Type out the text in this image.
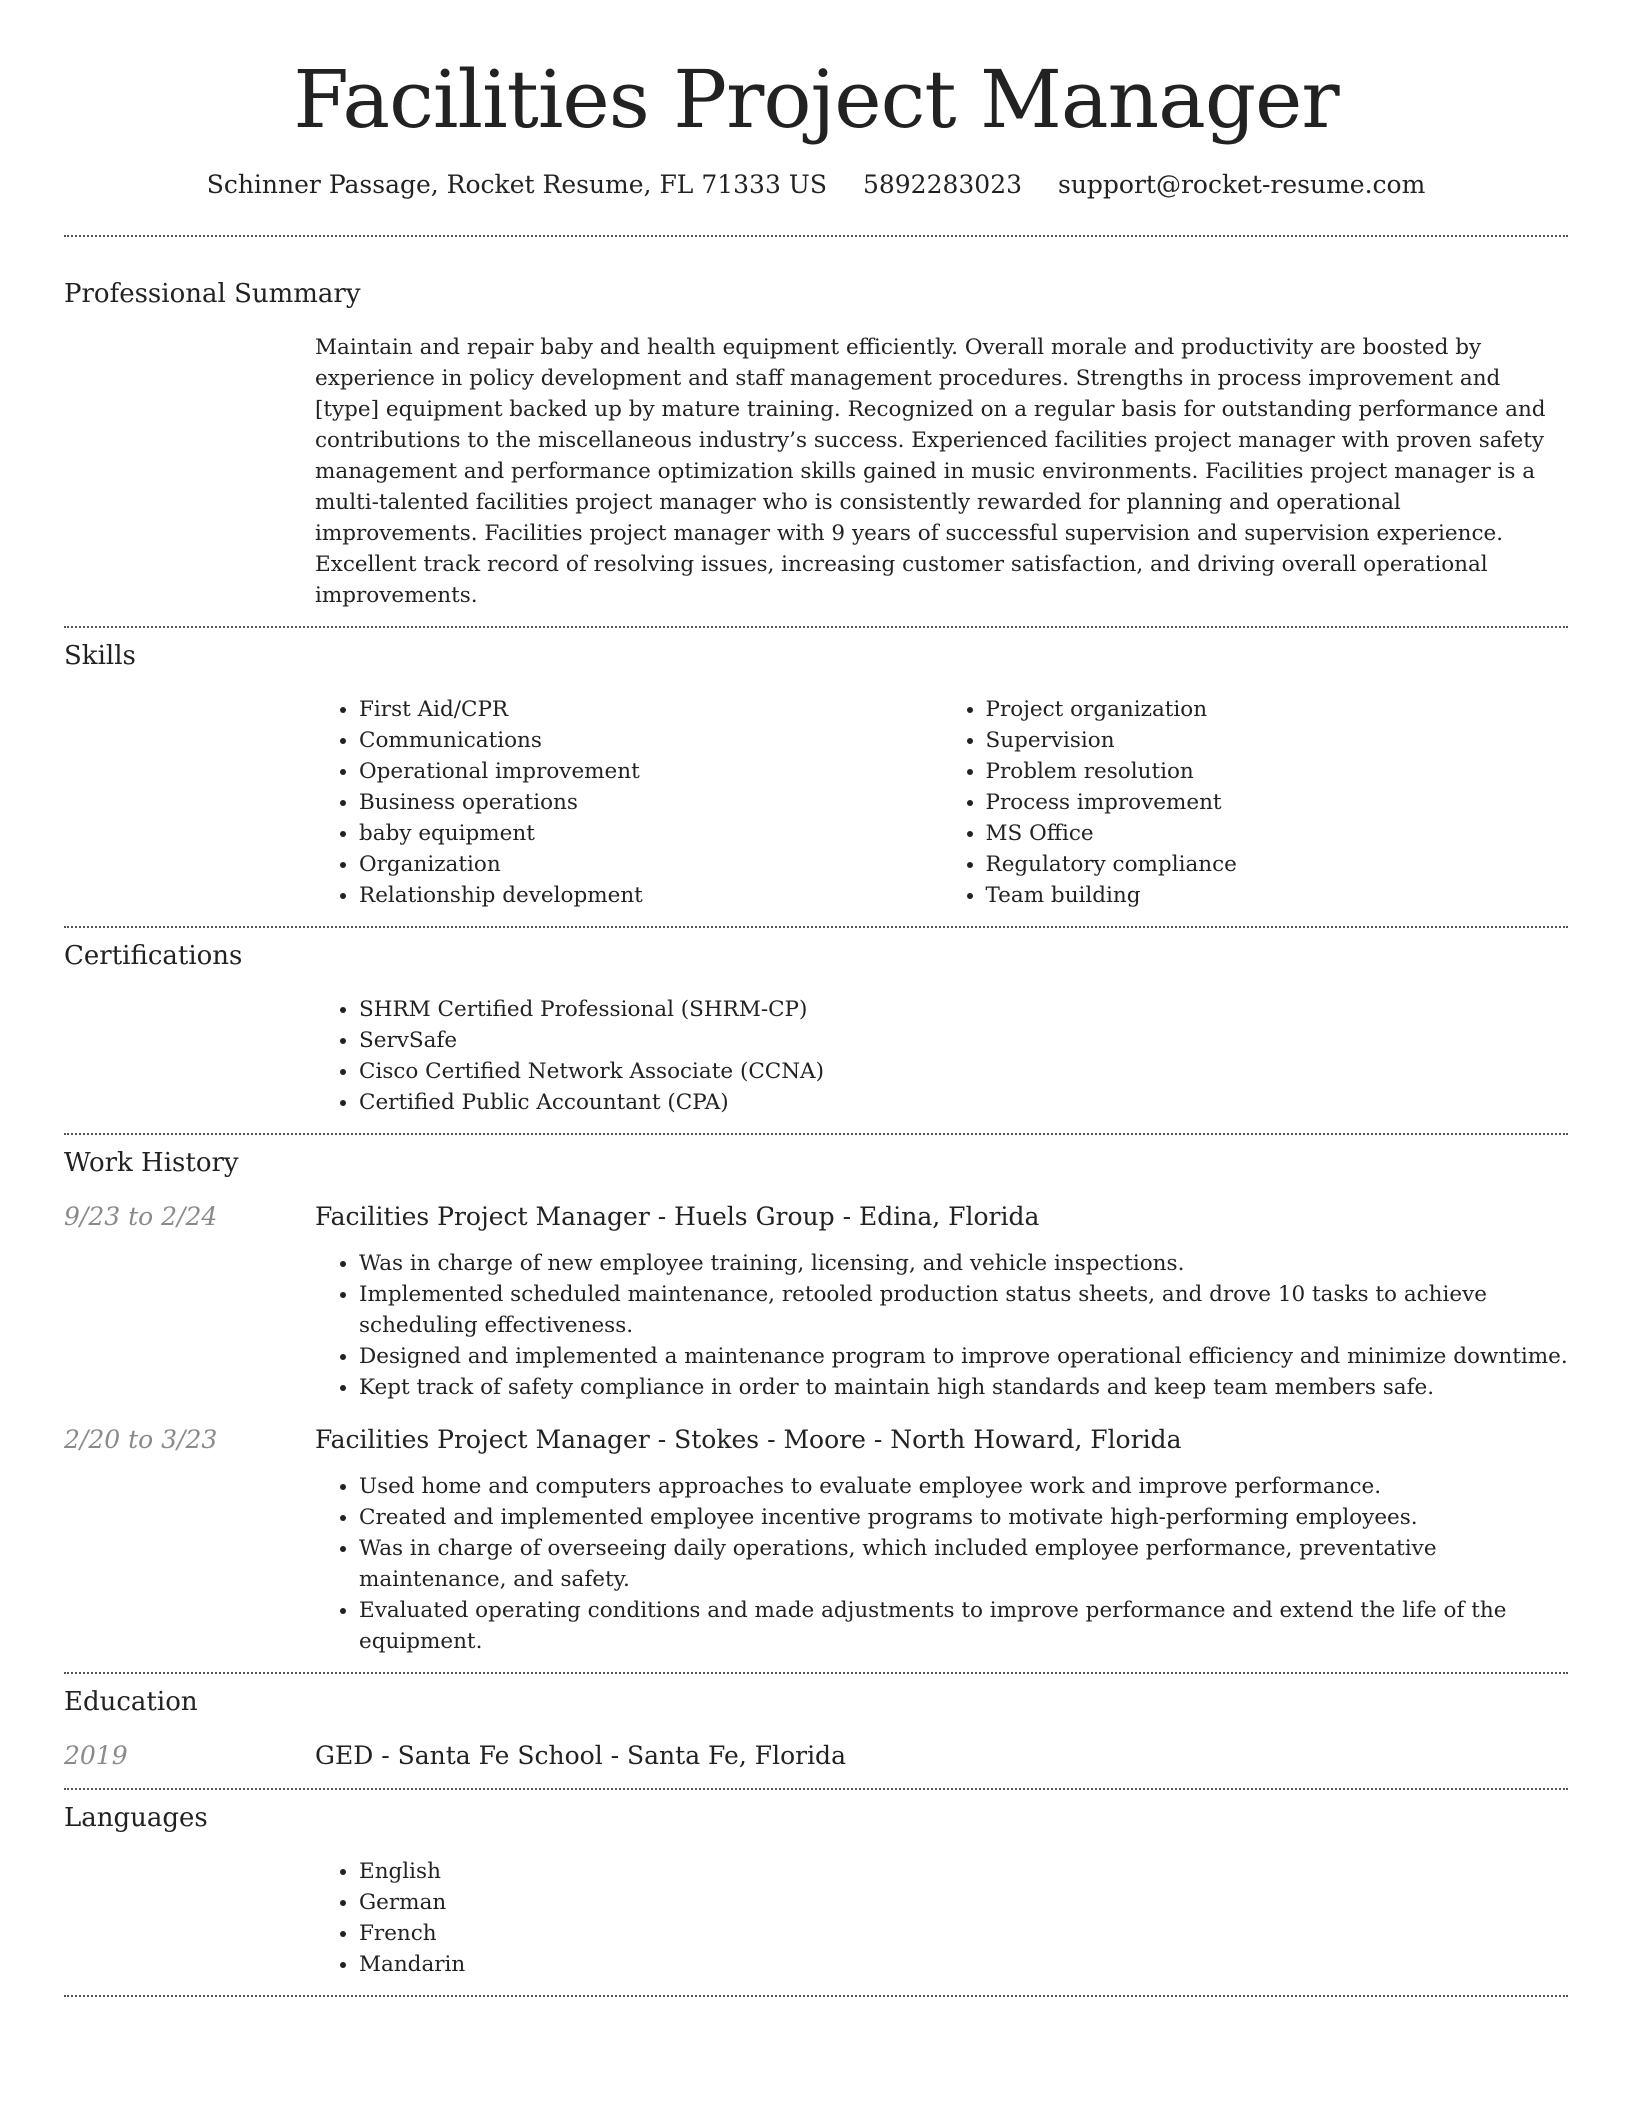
Facilities Project Manager
Schinner Passage, Rocket Resume, FL 71333 US 5892283023 support@rocket-resume.com
Professional Summary

Maintain and repair baby and health equipment efficiently. Overall morale and productivity are boosted by experience in policy development and staff management procedures. Strengths in process improvement and [type] equipment backed up by mature training. Recognized on a regular basis for outstanding performance and contributions to the miscellaneous industry’s success. Experienced facilities project manager with proven safety management and performance optimization skills gained in music environments. Facilities project manager is a multi-talented facilities project manager who is consistently rewarded for planning and operational improvements. Facilities project manager with 9 years of successful supervision and supervision experience. Excellent track record of resolving issues, increasing customer satisfaction, and driving overall operational improvements.

Skills
• First Aid/CPR
• Communications
• Operational improvement
• Business operations
• baby equipment
• Organization
• Relationship development
• Project organization
• Supervision
• Problem resolution
• Process improvement
• MS Office
• Regulatory compliance
• Team building
Certifications
• SHRM Certified Professional (SHRM-CP)
• ServSafe
• Cisco Certified Network Associate (CCNA)
• Certified Public Accountant (CPA)
Work History
9/23 to 2/24	Facilities Project Manager - Huels Group - Edina, Florida
• Was in charge of new employee training, licensing, and vehicle inspections.
• Implemented scheduled maintenance, retooled production status sheets, and drove 10 tasks to achieve scheduling effectiveness.
• Designed and implemented a maintenance program to improve operational efficiency and minimize downtime.
• Kept track of safety compliance in order to maintain high standards and keep team members safe.
2/20 to 3/23	Facilities Project Manager - Stokes - Moore - North Howard, Florida
• Used home and computers approaches to evaluate employee work and improve performance.
• Created and implemented employee incentive programs to motivate high-performing employees.
• Was in charge of overseeing daily operations, which included employee performance, preventative maintenance, and safety.
• Evaluated operating conditions and made adjustments to improve performance and extend the life of the equipment.
Education
2019	GED - Santa Fe School - Santa Fe, Florida
Languages
• English
• German
• French
• Mandarin
